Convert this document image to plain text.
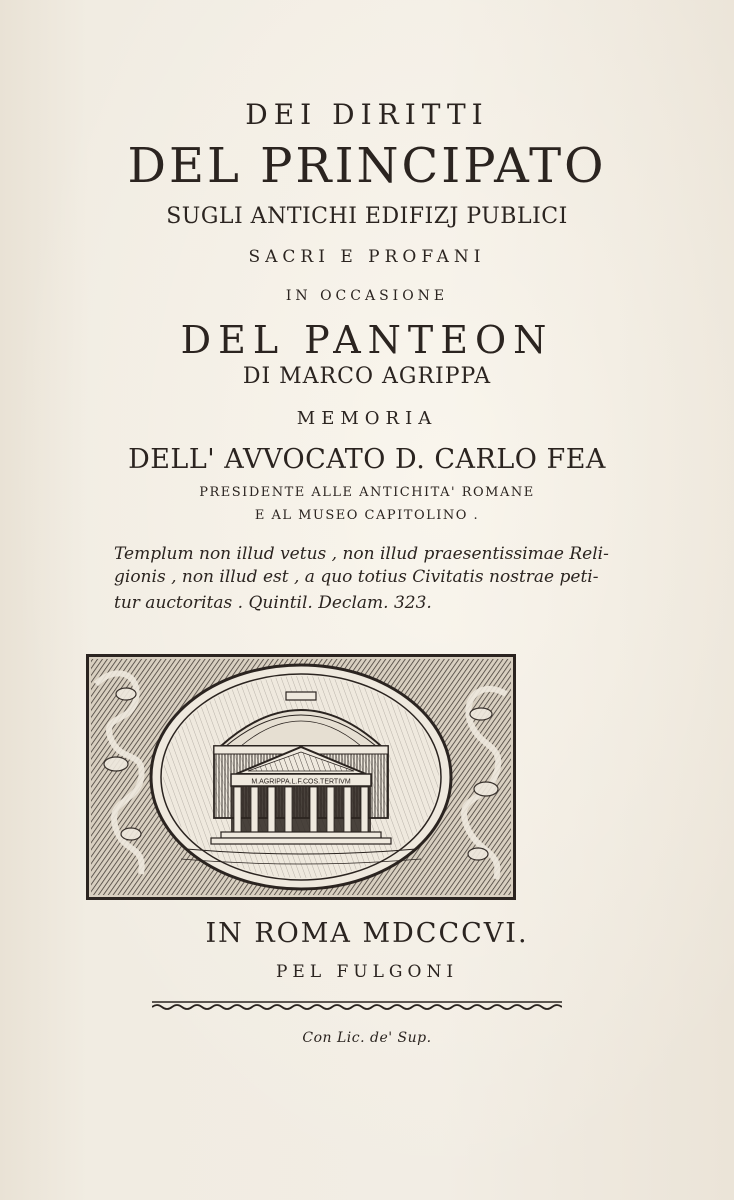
DEI DIRITTI

DEL PRINCIPATO

SUGLI ANTICHI EDIFIZJ PUBLICI

SACRI E PROFANI

IN OCCASIONE

DEL PANTEON

DI MARCO AGRIPPA

MEMORIA

DELL' AVVOCATO D. CARLO FEA

PRESIDENTE ALLE ANTICHITA' ROMANE

E AL MUSEO CAPITOLINO .

Templum non illud vetus , non illud praesentissimae Reli-

gionis , non illud est , a quo totius Civitatis nostrae peti-

tur auctoritas . Quintil. Declam. 323.

M.AGRIPPA.L.F.COS.TERTIVM

IN ROMA MDCCCVI.

PEL FULGONI

Con Lic. de' Sup.
